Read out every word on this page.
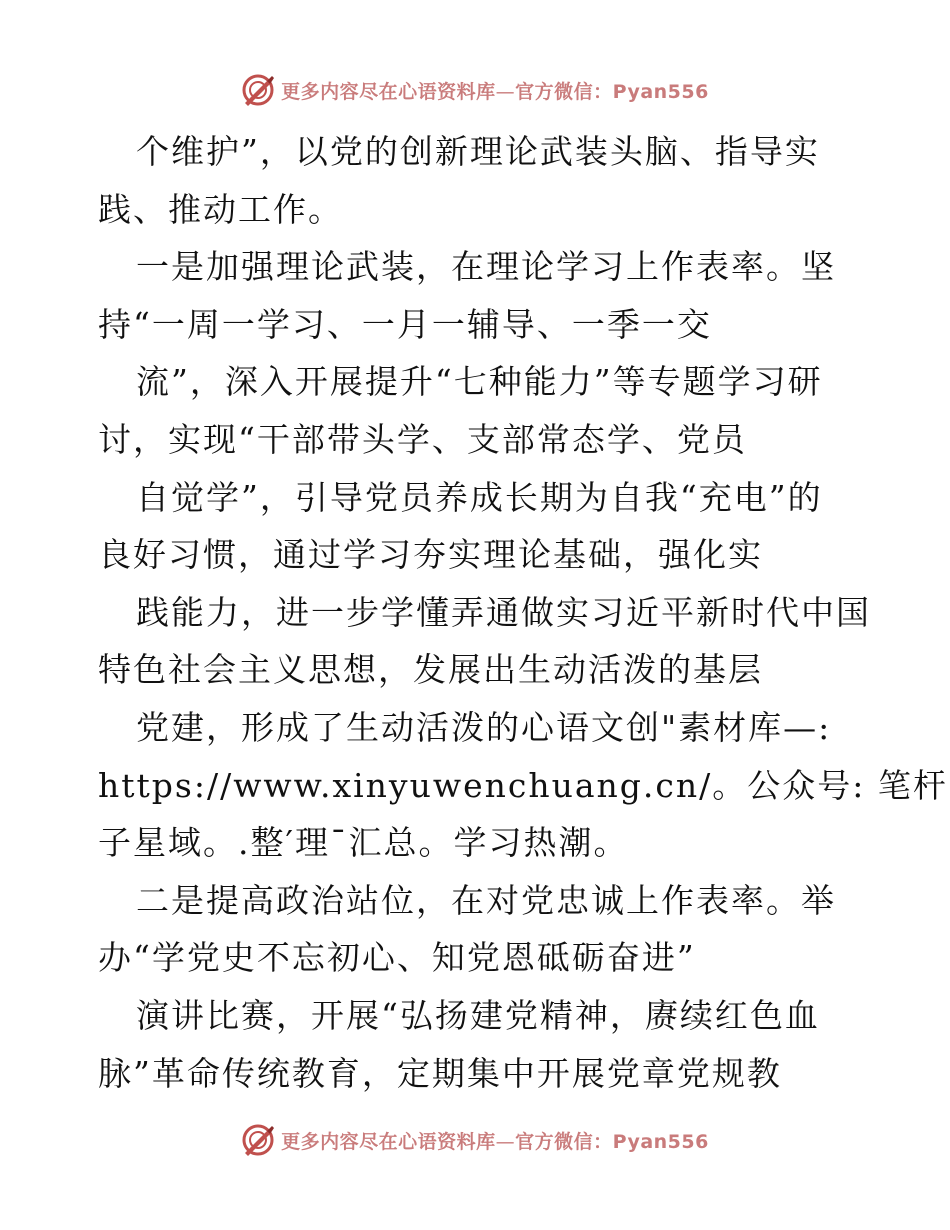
更多内容尽在心语资料库—官方微信：Pyan556
个维护”，以党的创新理论武装头脑、指导实
践、推动工作。
一是加强理论武装，在理论学习上作表率。坚
持“一周一学习、一月一辅导、一季一交
流”，深入开展提升“七种能力”等专题学习研
讨，实现“干部带头学、支部常态学、党员
自觉学”，引导党员养成长期为自我“充电”的
良好习惯，通过学习夯实理论基础，强化实
践能力，进一步学懂弄通做实习近平新时代中国
特色社会主义思想，发展出生动活泼的基层
党建，形成了生动活泼的心语文创"素材库—:
https://www.xinyuwenchuang.cn/。公众号: 笔杆
子星域。.整′理¯汇总。学习热潮。
二是提高政治站位，在对党忠诚上作表率。举
办“学党史不忘初心、知党恩砥砺奋进”
演讲比赛，开展“弘扬建党精神，赓续红色血
脉”革命传统教育，定期集中开展党章党规教
更多内容尽在心语资料库—官方微信：Pyan556
